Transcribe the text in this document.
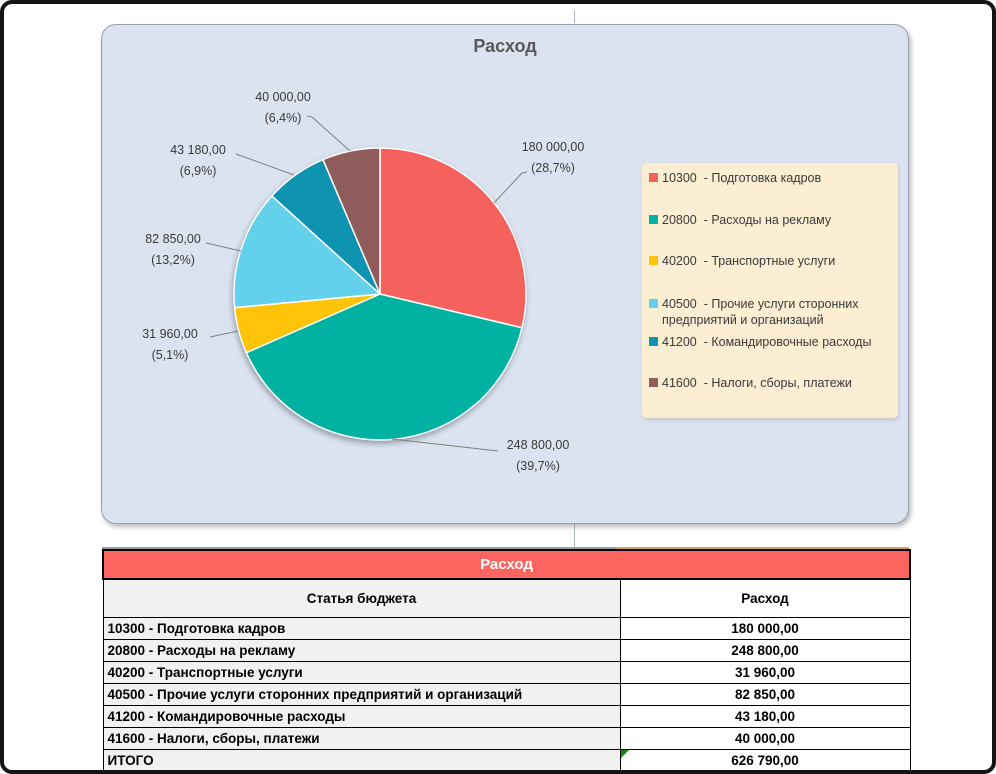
Расход
180 000,00
(28,7%)
248 800,00
(39,7%)
31 960,00
(5,1%)
82 850,00
(13,2%)
43 180,00
(6,9%)
40 000,00
(6,4%)
10300  - Подготовка кадров
20800  - Расходы на рекламу
40200  - Транспортные услуги
40500  - Прочие услуги сторонних предприятий и организаций
41200  - Командировочные расходы
41600  - Налоги, сборы, платежи
Расход	
Статья бюджета	Расход
10300 - Подготовка кадров	180 000,00
20800 - Расходы на рекламу	248 800,00
40200 - Транспортные услуги	31 960,00
40500 - Прочие услуги сторонних предприятий и организаций	82 850,00
41200 - Командировочные расходы	43 180,00
41600 - Налоги, сборы, платежи	40 000,00
ИТОГО	626 790,00
